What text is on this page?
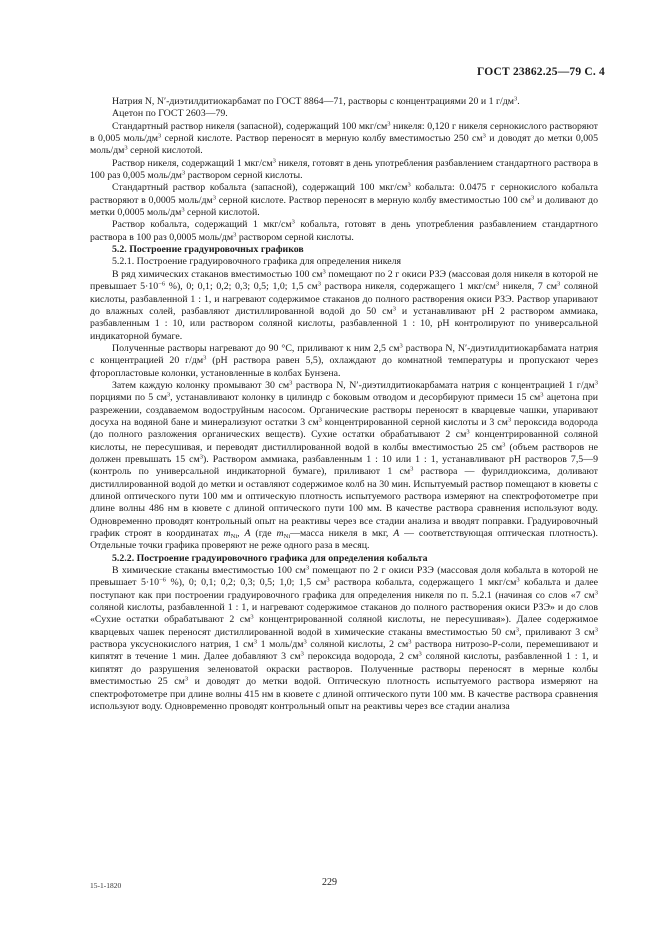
ГОСТ 23862.25—79 С. 4

Натрия N, N′-диэтилдитиокарбамат по ГОСТ 8864—71, растворы с концентрациями 20 и 1 $г/дм^3$.

Ацетон по ГОСТ 2603—79.

Стандартный раствор никеля (запасной), содержащий 100 мкг/$см^3$ никеля: 0,120 г никеля сернокислого растворяют в 0,005 моль/$дм^3$ серной кислоте. Раствор переносят в мерную колбу вместимостью 250 $см^3$ и доводят до метки 0,005 моль/$дм^3$ серной кислотой.

Раствор никеля, содержащий 1 мкг/$см^3$ никеля, готовят в день употребления разбавлением стандартного раствора в 100 раз 0,005 моль/$дм^3$ раствором серной кислоты.

Стандартный раствор кобальта (запасной), содержащий 100 мкг/$см^3$ кобальта: 0.0475 г сернокислого кобальта растворяют в 0,0005 моль/$дм^3$ серной кислоте. Раствор переносят в мерную колбу вместимостью 100 $см^3$ и доливают до метки 0,0005 моль/$дм^3$ серной кислотой.

Раствор кобальта, содержащий 1 мкг/$см^3$ кобальта, готовят в день употребления разбавлением стандартного раствора в 100 раз 0,0005 моль/$дм^3$ раствором серной кислоты.

5.2. Построение градуировочных графиков

5.2.1. Построение градуировочного графика для определения никеля

В ряд химических стаканов вместимостью 100 $см^3$ помещают по 2 г окиси РЗЭ (массовая доля никеля в которой не превышает $5\cdot 10^{-6}$ %), 0; 0,1; 0,2; 0,3; 0,5; 1,0; 1,5 $см^3$ раствора никеля, содержащего 1 мкг/$см^3$ никеля, 7 $см^3$ соляной кислоты, разбавленной 1 : 1, и нагревают содержимое стаканов до полного растворения окиси РЗЭ. Раствор упаривают до влажных солей, разбавляют дистиллированной водой до 50 $см^3$ и устанавливают pH 2 раствором аммиака, разбавленным 1 : 10, или раствором соляной кислоты, разбавленной 1 : 10, pH контролируют по универсальной индикаторной бумаге.

Полученные растворы нагревают до 90 °С, приливают к ним 2,5 $см^3$ раствора N, N′-диэтилдитиокарбамата натрия с концентрацией 20 $г/дм^3$ (pH раствора равен 5,5), охлаждают до комнатной температуры и пропускают через фторопластовые колонки, установленные в колбах Бунзена.

Затем каждую колонку промывают 30 $см^3$ раствора N, N′-диэтилдитиокарбамата натрия с концентрацией 1 $г/дм^3$ порциями по 5 $см^3$, устанавливают колонку в цилиндр с боковым отводом и десорбируют примеси 15 $см^3$ ацетона при разрежении, создаваемом водоструйным насосом. Органические растворы переносят в кварцевые чашки, упаривают досуха на водяной бане и минерализуют остатки 3 $см^3$ концентрированной серной кислоты и 3 $см^3$ пероксида водорода (до полного разложения органических веществ). Сухие остатки обрабатывают 2 $см^3$ концентрированной соляной кислоты, не пересушивая, и переводят дистиллированной водой в колбы вместимостью 25 $см^3$ (объем растворов не должен превышать 15 $см^3$). Раствором аммиака, разбавленным 1 : 10 или 1 : 1, устанавливают pH растворов 7,5—9 (контроль по универсальной индикаторной бумаге), приливают 1 $см^3$ раствора — фурилдиоксима, доливают дистиллированной водой до метки и оставляют содержимое колб на 30 мин. Испытуемый раствор помещают в кюветы с длиной оптического пути 100 мм и оптическую плотность испытуемого раствора измеряют на спектрофотометре при длине волны 486 нм в кювете с длиной оптического пути 100 мм. В качестве раствора сравнения используют воду. Одновременно проводят контрольный опыт на реактивы через все стадии анализа и вводят поправки. Градуировочный график строят в координатах $m_{Ni}$, A (где $m_{Ni}—масса$ никеля в мкг, A — соответствующая оптическая плотность). Отдельные точки графика проверяют не реже одного раза в месяц.

5.2.2. Построение градуировочного графика для определения кобальта

В химические стаканы вместимостью 100 $см^3$ помещают по 2 г окиси РЗЭ (массовая доля кобальта в которой не превышает $5\cdot 10^{-6}$ %), 0; 0,1; 0,2; 0,3; 0,5; 1,0; 1,5 $см^3$ раствора кобальта, содержащего 1 мкг/$см^3$ кобальта и далее поступают как при построении градуировочного графика для определения никеля по п. 5.2.1 (начиная со слов «7 $см^3$ соляной кислоты, разбавленной 1 : 1, и нагревают содержимое стаканов до полного растворения окиси РЗЭ» и до слов «Сухие остатки обрабатывают 2 $см^3$ концентрированной соляной кислоты, не пересушивая»). Далее содержимое кварцевых чашек переносят дистиллированной водой в химические стаканы вместимостью 50 $см^3$, приливают 3 $см^3$ раствора уксуснокислого натрия, 1 $см^3$ 1 моль/$дм^3$ соляной кислоты, 2 $см^3$ раствора нитрозо-Р-соли, перемешивают и кипятят в течение 1 мин. Далее добавляют 3 $см^3$ пероксида водорода, 2 $см^3$ соляной кислоты, разбавленной 1 : 1, и кипятят до разрушения зеленоватой окраски растворов. Полученные растворы переносят в мерные колбы вместимостью 25 $см^3$ и доводят до метки водой. Оптическую плотность испытуемого раствора измеряют на спектрофотометре при длине волны 415 нм в кювете с длиной оптического пути 100 мм. В качестве раствора сравнения используют воду. Одновременно проводят контрольный опыт на реактивы через все стадии анализа

15-1-1820	229
